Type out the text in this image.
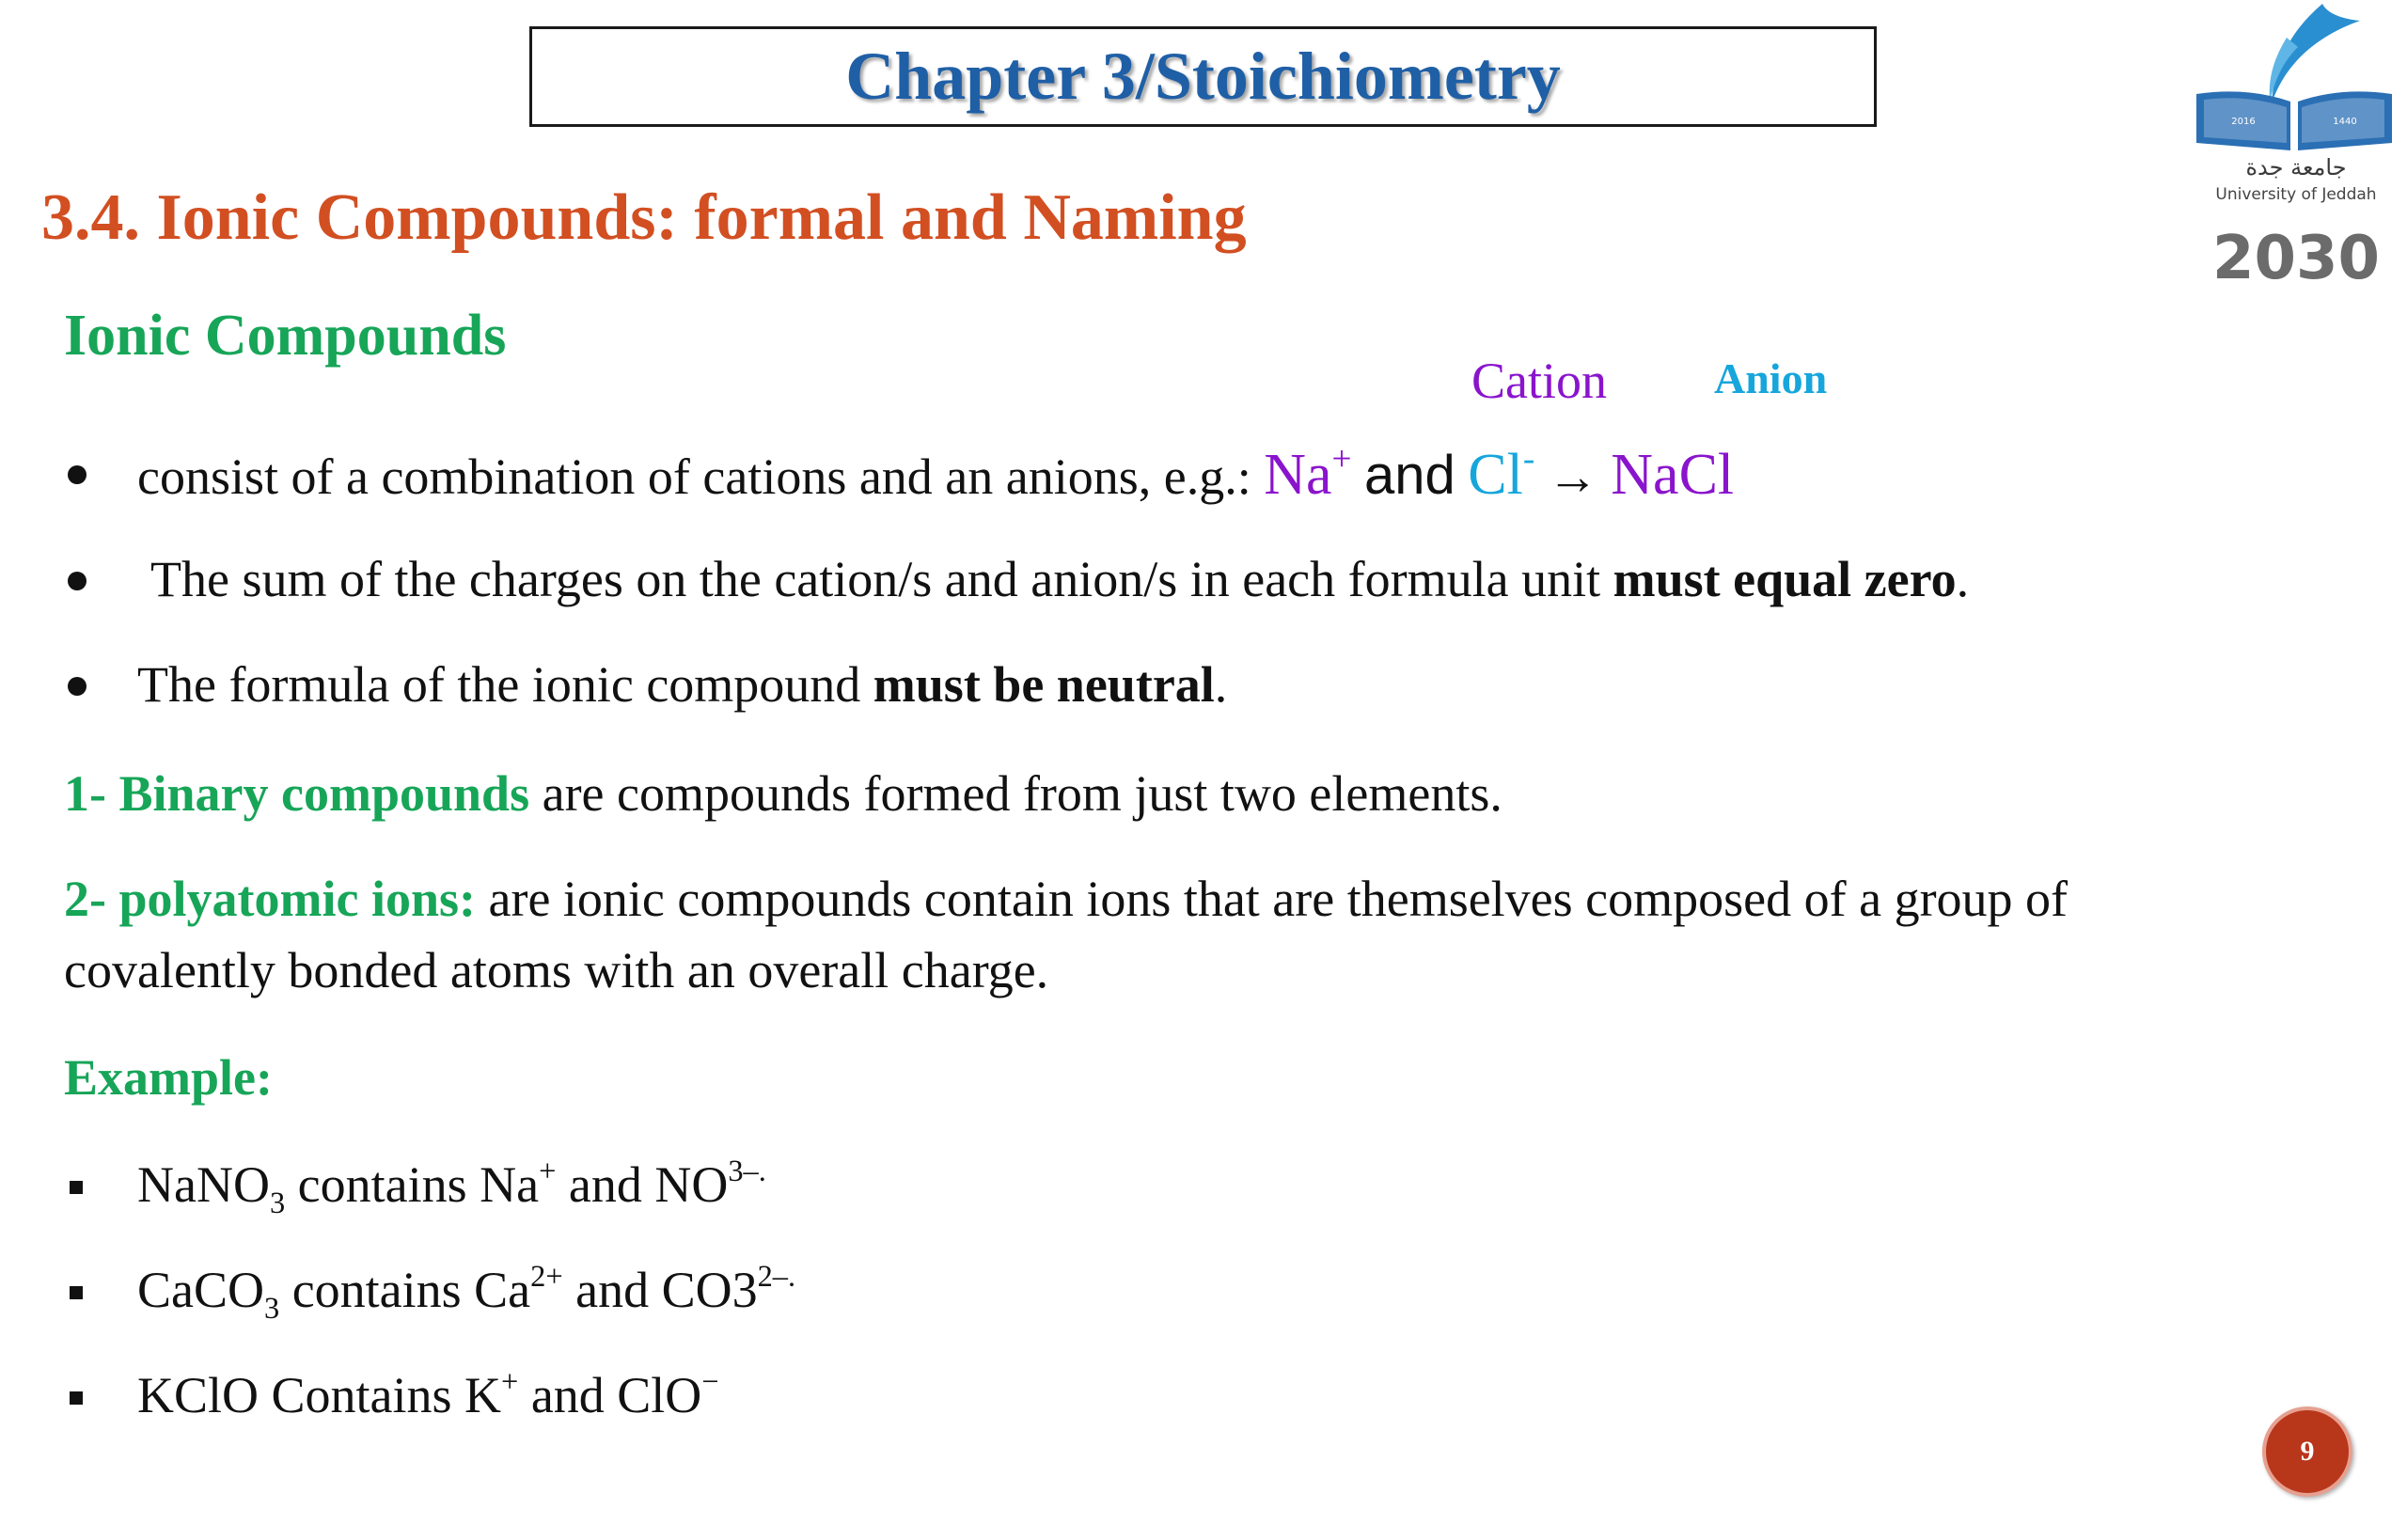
Chapter 3/Stoichiometry
3.4. Ionic Compounds: formal and Naming
2016	1440
جامعة جدة
University of Jeddah
2030
Ionic Compounds
Cation Anion
consist of a combination of cations and an anions, e.g.: Na+ and Cl- → NaCl
The sum of the charges on the cation/s and anion/s in each formula unit must equal zero.
The formula of the ionic compound must be neutral.
1- Binary compounds are compounds formed from just two elements.
2- polyatomic ions: are ionic compounds contain ions that are themselves composed of a group of
covalently bonded atoms with an overall charge.
Example:
NaNO$_3$ contains Na+ and $NO^{3-.}$
CaCO$_3$ contains $Ca^{2+}$ and $CO3^{2-.}$
KClO Contains K+ and ClO−
9
